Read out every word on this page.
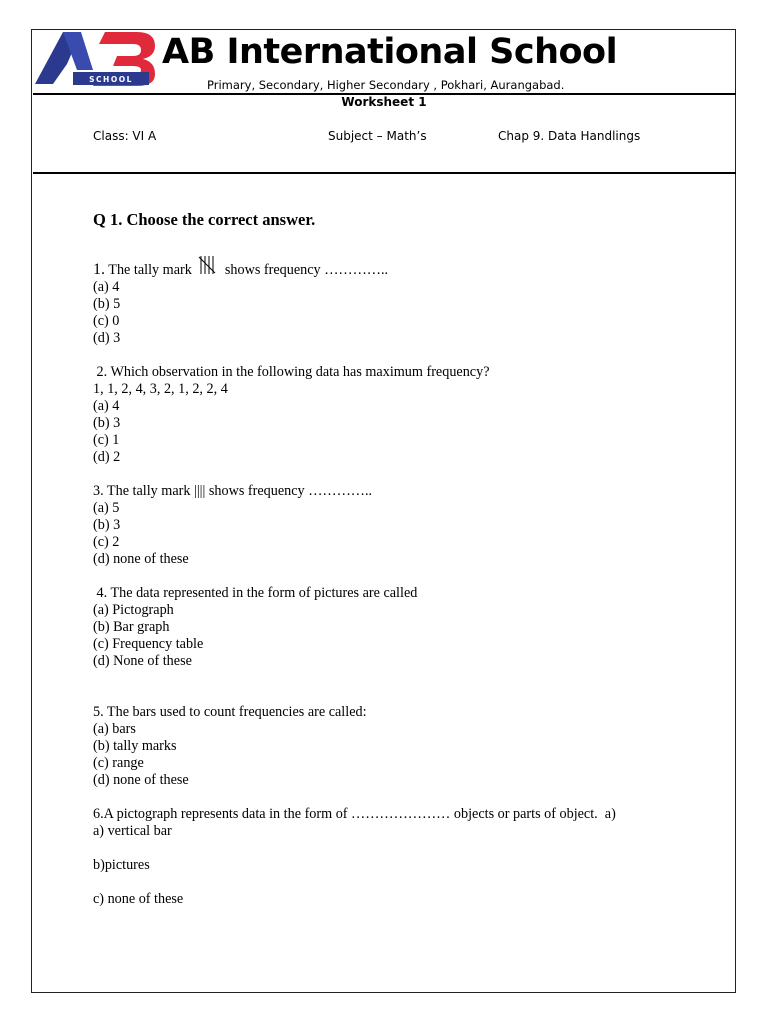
SCHOOL
AB International School
Primary, Secondary, Higher Secondary , Pokhari, Aurangabad.
Worksheet 1
Class: VI A	Subject – Math’s	Chap 9. Data Handlings

Q 1. Choose the correct answer.

1. The tally mark  shows frequency …………..
(a) 4
(b) 5
(c) 0
(d) 3
2. Which observation in the following data has maximum frequency?
1, 1, 2, 4, 3, 2, 1, 2, 2, 4
(a) 4
(b) 3
(c) 1
(d) 2
3. The tally mark |||| shows frequency …………..
(a) 5
(b) 3
(c) 2
(d) none of these
4. The data represented in the form of pictures are called
(a) Pictograph
(b) Bar graph
(c) Frequency table
(d) None of these
5. The bars used to count frequencies are called:
(a) bars
(b) tally marks
(c) range
(d) none of these
6.A pictograph represents data in the form of ………………… objects or parts of object.  a)
a) vertical bar
b)pictures
c) none of these
